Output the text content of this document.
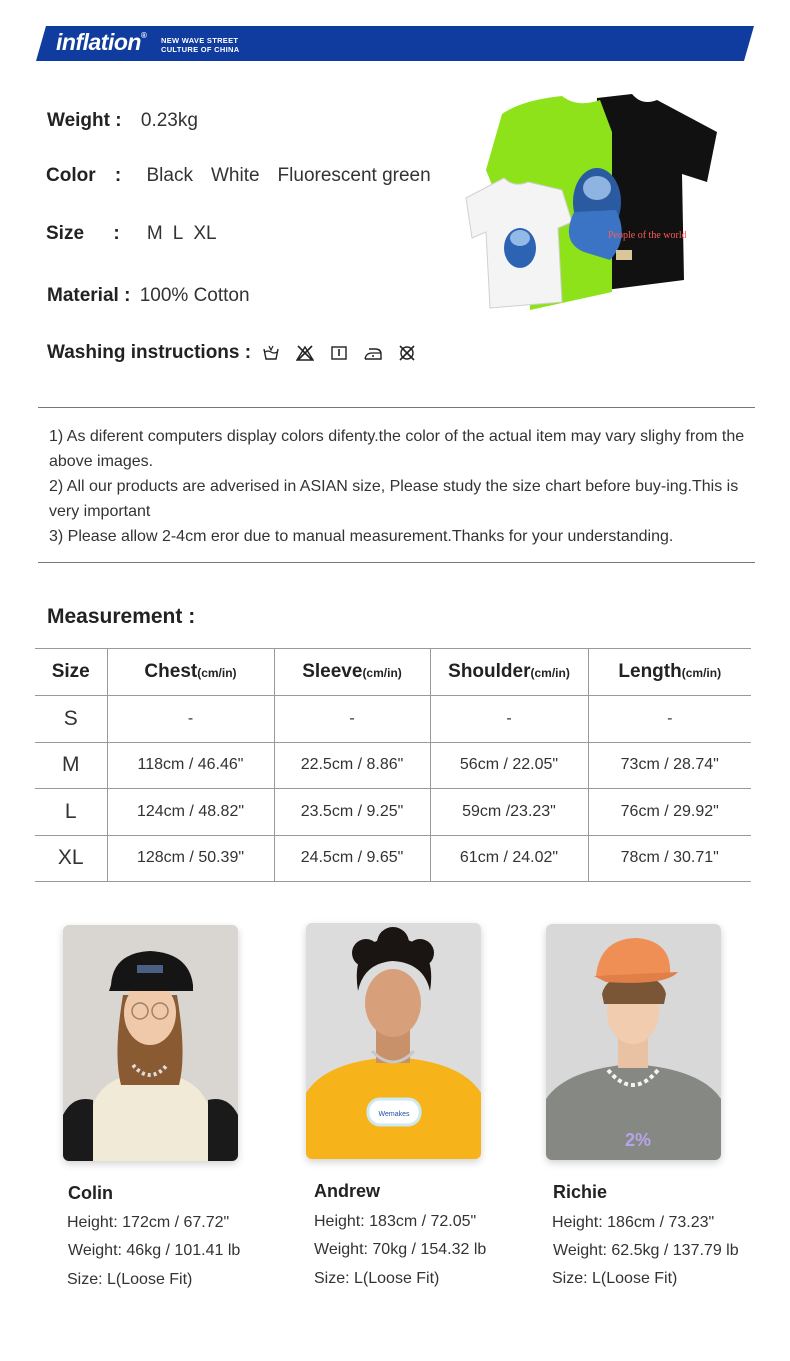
inflation®
NEW WAVE STREET
CULTURE OF CHINA
Weight : 0.23kg
Color : Black White Fluorescent green
Size : M L XL
Material : 100% Cotton
Washing instructions :
People of the world

1) As diferent computers display colors difenty.the color of the actual item may vary slighy from the above images.

2) All our products are adverised in ASIAN size, Please study the size chart before buy-ing.This is very important

3) Please allow 2-4cm eror due to manual measurement.Thanks for your understanding.

Measurement :
Size	Chest(cm/in)	Sleeve(cm/in)	Shoulder(cm/in)	Length(cm/in)
S	-	-	-	-
M	118cm / 46.46"	22.5cm / 8.86"	56cm / 22.05"	73cm / 28.74"
L	124cm / 48.82"	23.5cm / 9.25"	59cm /23.23"	76cm / 29.92"
XL	128cm / 50.39"	24.5cm / 9.65"	61cm / 24.02"	78cm / 30.71"
Colin
Height: 172cm / 67.72"
Weight: 46kg / 101.41 lb
Size: L(Loose Fit)
Wemakes
Andrew
Height: 183cm / 72.05"
Weight: 70kg / 154.32 lb
Size: L(Loose Fit)
2%
Richie
Height: 186cm / 73.23"
Weight: 62.5kg / 137.79 lb
Size: L(Loose Fit)
